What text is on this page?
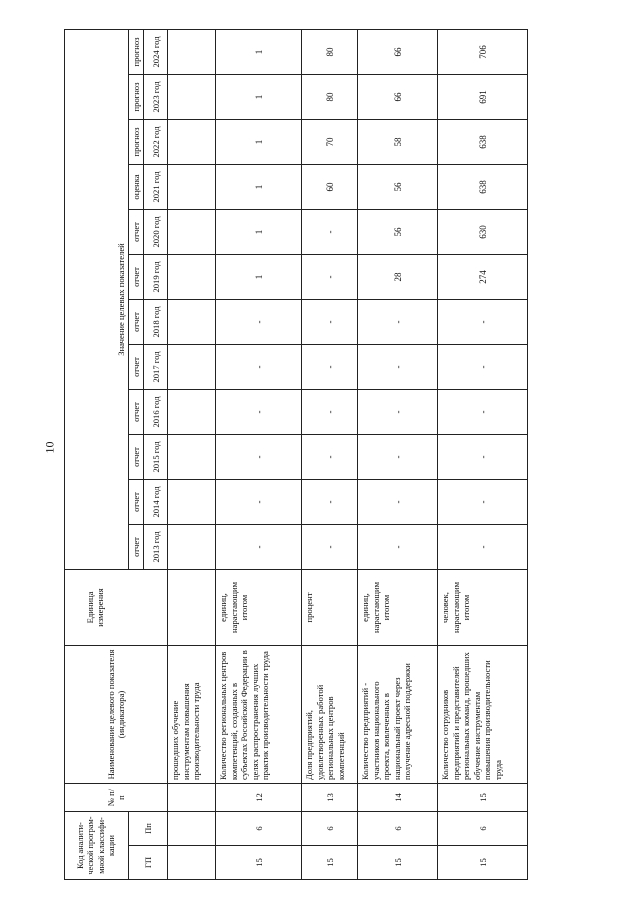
10
Код аналити-ческой програм-мной классифи-кации		№ п/п	Наименование целевого показателя (индикатора)	Единица измерения	Значение целевых показателей											
ГП	Пп				отчет	отчет	отчет	отчет	отчет	отчет	отчет	отчет	оценка	прогноз	прогноз	прогноз
					2013 год	2014 год	2015 год	2016 год	2017 год	2018 год	2019 год	2020 год	2021 год	2022 год	2023 год	2024 год
			прошедших обучение инструментам повышения производительности труда													
15	6	12	Количество региональных центров компетенций, созданных в субъектах Российской Федерации в целях распространения лучших практик производительности труда	единиц, нарастающим итогом	-	-	-	-	-	-	1	1	1	1	1	1
15	6	13	Доля предприятий, удовлетворенных работой региональных центров компетенций	процент	-	-	-	-	-	-	-	-	60	70	80	80
15	6	14	Количество предприятий - участников национального проекта, вовлеченных в национальный проект через получение адресной поддержки	единиц, нарастающим итогом	-	-	-	-	-	-	28	56	56	58	66	66
15	6	15	Количество сотрудников предприятий и представителей региональных команд, прошедших обучение инструментам повышения производительности труда	человек, нарастающим итогом	-	-	-	-	-	-	274	630	638	638	691	706
